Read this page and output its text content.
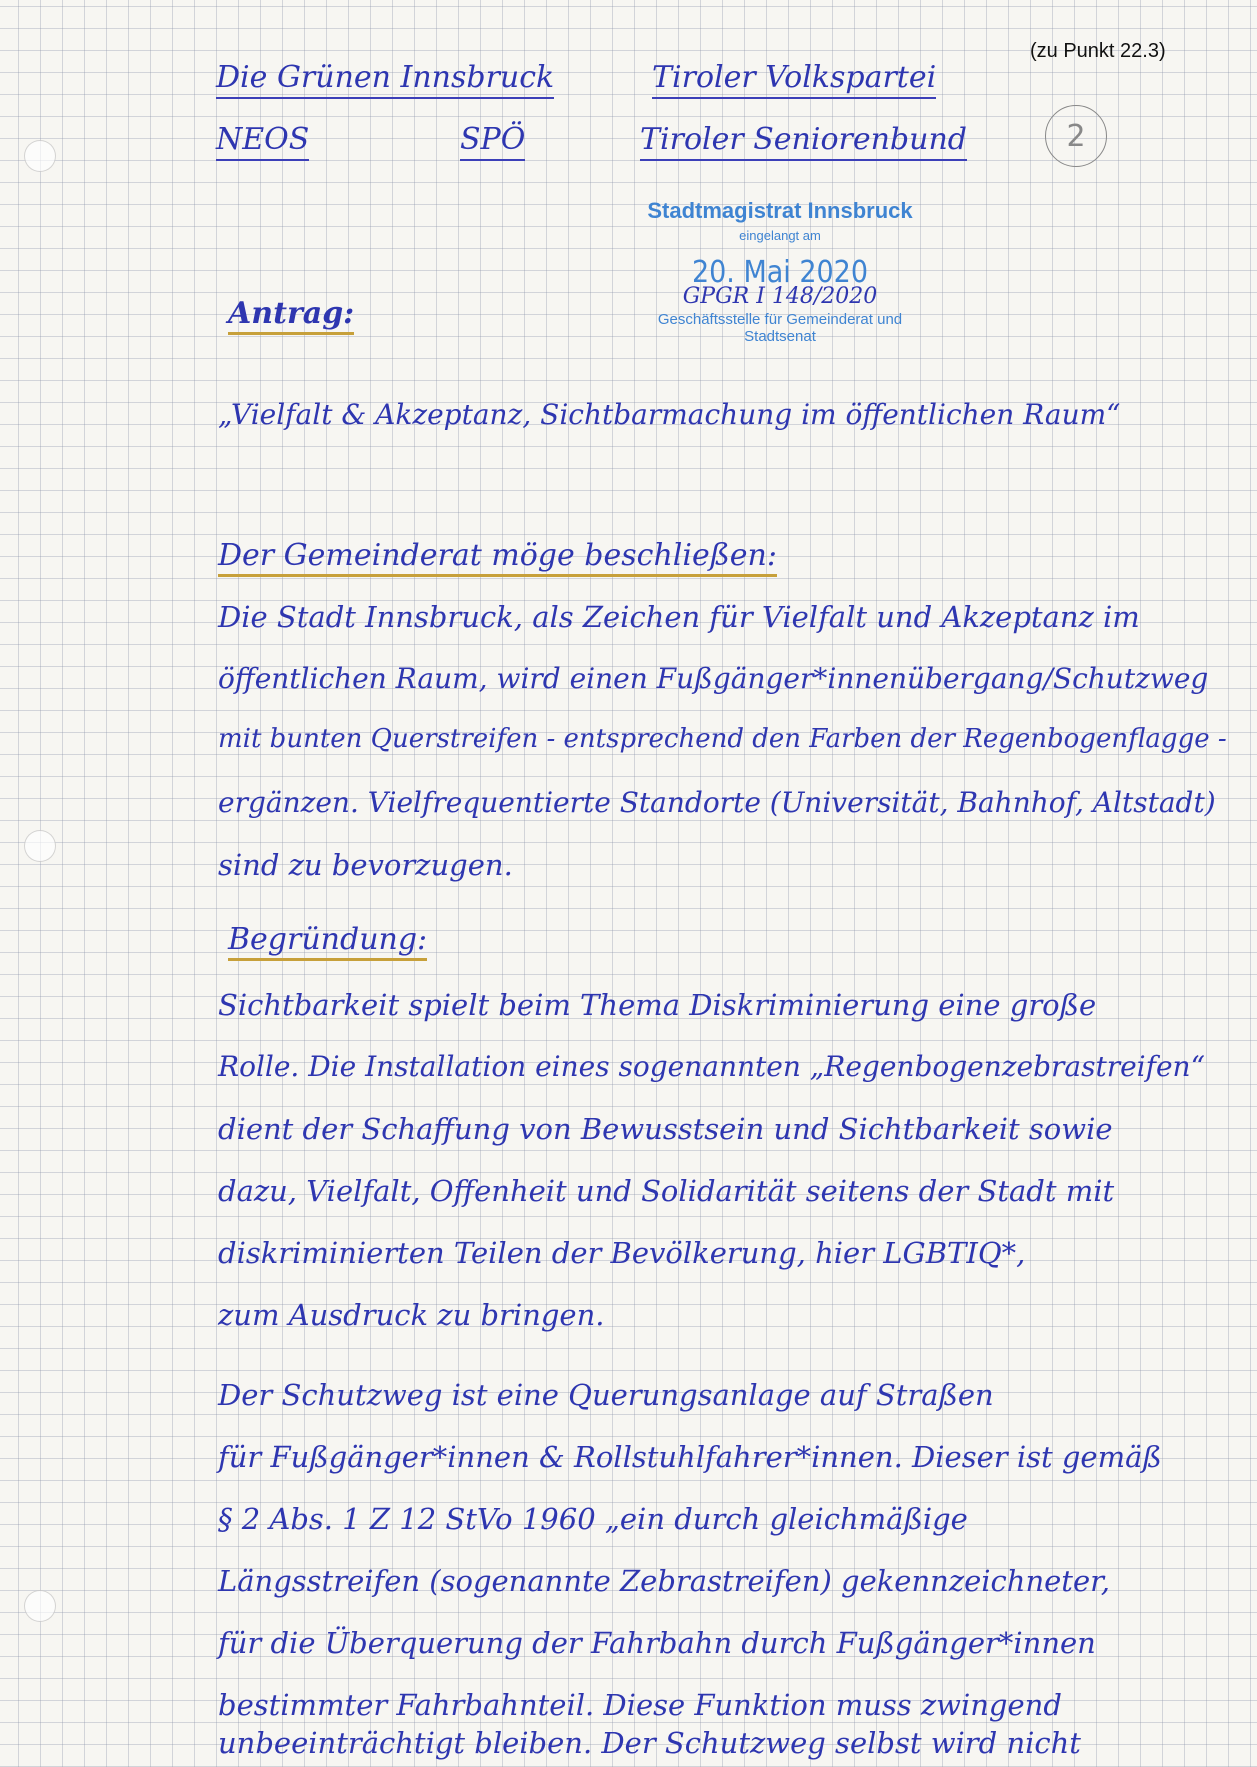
(zu Punkt 22.3)
Die Grünen Innsbruck
NEOS	SPÖ
Tiroler Volkspartei
Tiroler Seniorenbund	2
Stadtmagistrat Innsbruck
eingelangt am
20. Mai 2020
GPGR I 148/2020
Geschäftsstelle für Gemeinderat und Stadtsenat
Antrag:
„Vielfalt & Akzeptanz, Sichtbarmachung im öffentlichen Raum“
Der Gemeinderat möge beschließen:
Die Stadt Innsbruck, als Zeichen für Vielfalt und Akzeptanz im
öffentlichen Raum, wird einen Fußgänger*innenübergang/Schutzweg
mit bunten Querstreifen - entsprechend den Farben der Regenbogenflagge -
ergänzen. Vielfrequentierte Standorte (Universität, Bahnhof, Altstadt)
sind zu bevorzugen.
Begründung:
Sichtbarkeit spielt beim Thema Diskriminierung eine große
Rolle. Die Installation eines sogenannten „Regenbogenzebrastreifen“
dient der Schaffung von Bewusstsein und Sichtbarkeit sowie
dazu, Vielfalt, Offenheit und Solidarität seitens der Stadt mit
diskriminierten Teilen der Bevölkerung, hier LGBTIQ*,
zum Ausdruck zu bringen.
Der Schutzweg ist eine Querungsanlage auf Straßen
für Fußgänger*innen & Rollstuhlfahrer*innen. Dieser ist gemäß
§ 2 Abs. 1 Z 12 StVo 1960 „ein durch gleichmäßige
Längsstreifen (sogenannte Zebrastreifen) gekennzeichneter,
für die Überquerung der Fahrbahn durch Fußgänger*innen
bestimmter Fahrbahnteil. Diese Funktion muss zwingend
unbeeinträchtigt bleiben. Der Schutzweg selbst wird nicht
